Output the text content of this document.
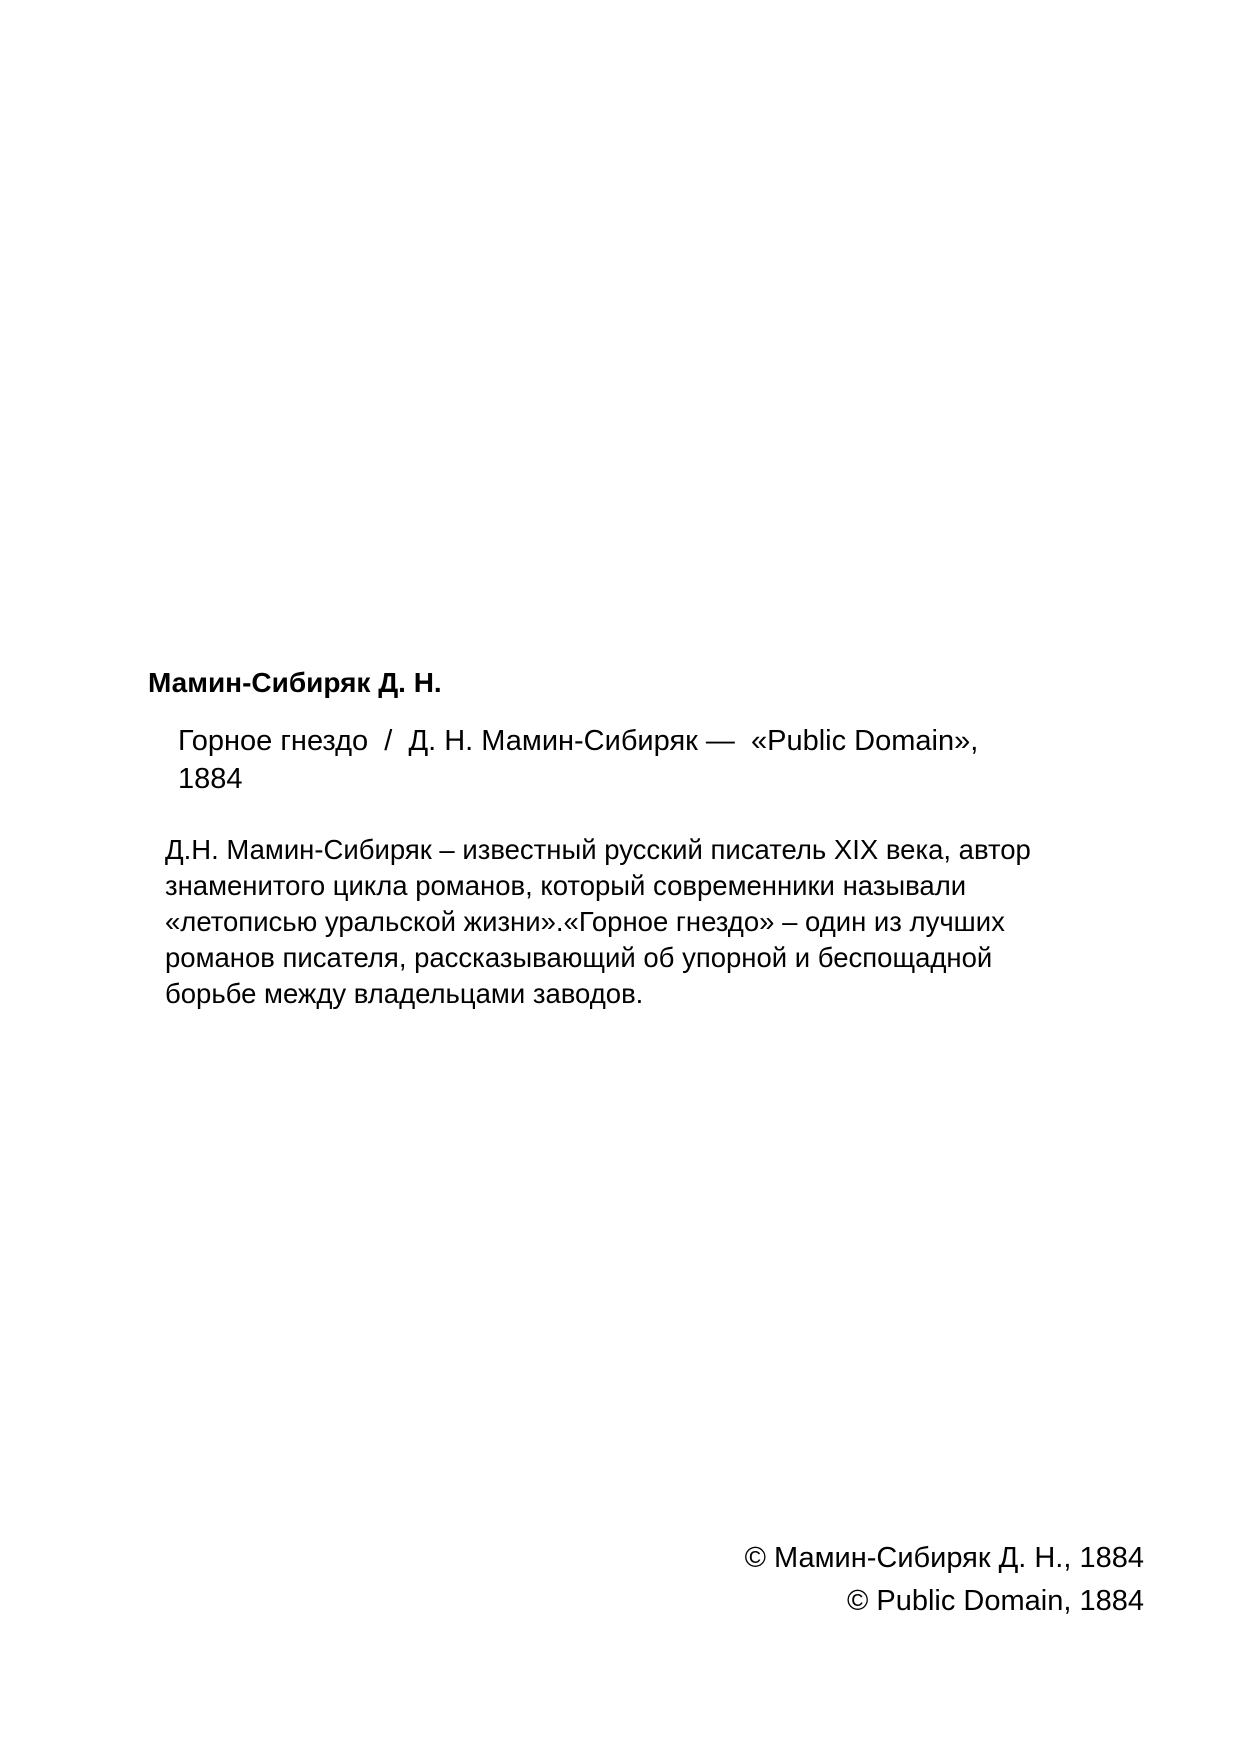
Мамин-Сибиряк Д. Н.

Горное гнездо  /  Д. Н. Мамин-Сибиряк —  «Public Domain»,
1884

Д.Н. Мамин-Сибиряк – известный русский писатель XIX века, автор
знаменитого цикла романов, который современники называли
«летописью уральской жизни».«Горное гнездо» – один из лучших
романов писателя, рассказывающий об упорной и беспощадной
борьбе между владельцами заводов.

© Мамин-Сибиряк Д. Н., 1884
© Public Domain, 1884
